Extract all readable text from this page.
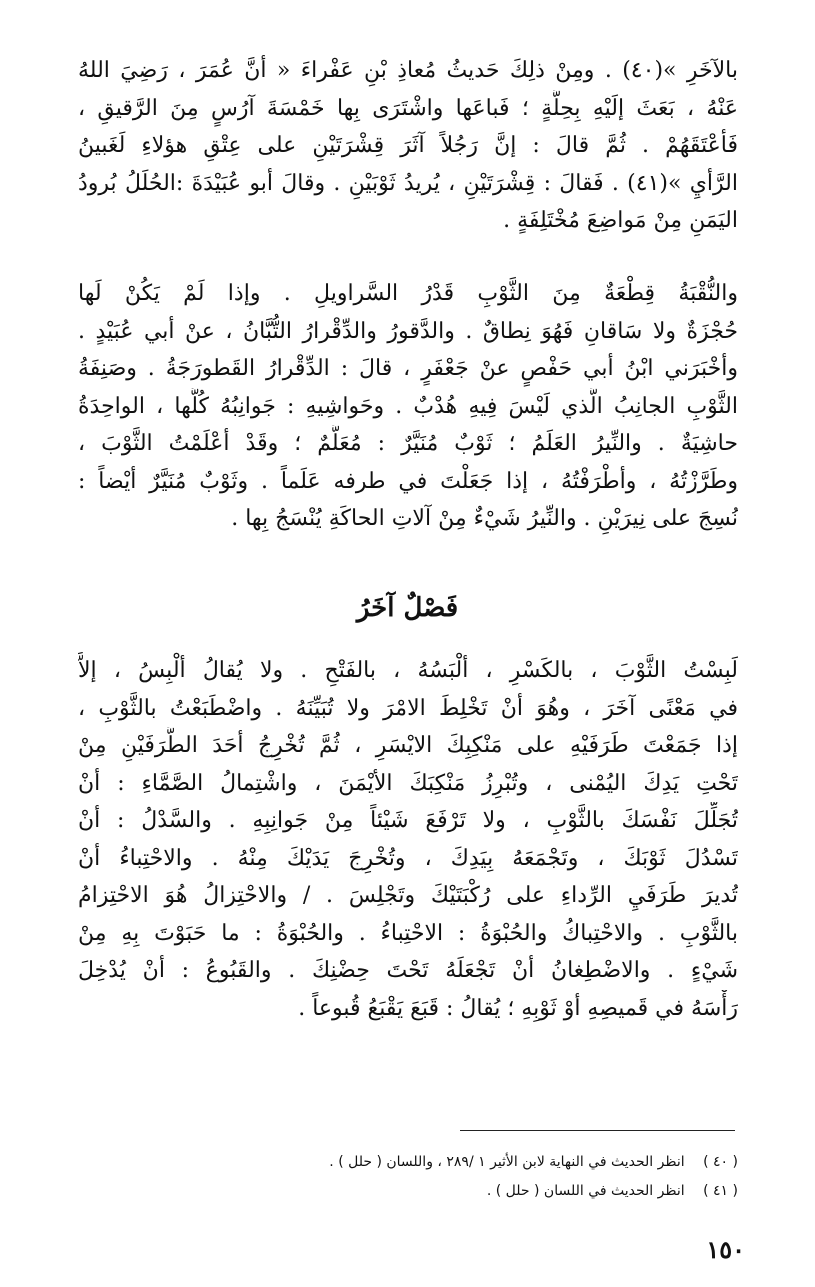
بالآخَرِ »(٤٠) . ومِنْ ذلِكَ حَديثُ مُعاذِ بْنِ عَفْراءَ « أنَّ عُمَرَ ، رَضِيَ اللهُ
عَنْهُ ، بَعَثَ إلَيْهِ بِحِلَّةٍ ؛ فَباعَها واشْتَرَى بِها خَمْسَةَ آرُسٍ مِنَ الرَّقيقِ ،
فَأعْتَقَهُمْ . ثُمَّ قالَ : إنَّ رَجُلاً آثَرَ قِشْرَتَيْنِ على عِتْقِ هؤلاءِ لَغَبينُ
الرَّأيِ »(٤١) . فَقالَ : قِشْرَتَيْنِ ، يُريدُ ثَوْبَيْنِ . وقالَ أبو عُبَيْدَةَ :الحُلَلُ بُرودُ
اليَمَنِ مِنْ مَواضِعَ مُخْتَلِفَةٍ .
والنُّقْبَةُ قِطْعَةٌ مِنَ الثَّوْبِ قَدْرُ السَّراويلِ . وإذا لَمْ يَكُنْ لَها
حُجْزَةٌ ولا سَاقانِ فَهُوَ نِطاقٌ . والدَّقورُ والدِّقْرارُ التُّبَّانُ ، عنْ أبي عُبَيْدٍ .
وأخْبَرَني ابْنُ أبي حَفْصٍ عنْ جَعْفَرٍ ، قالَ : الدِّقْرارُ القَطورَجَةُ . وصَنِفَةُ
الثَّوْبِ الجانِبُ الَّذي لَيْسَ فِيهِ هُدْبٌ . وحَواشِيهِ : جَوانِبُهُ كُلُّها ، الواحِدَةُ
حاشِيَةٌ . والنِّيرُ العَلَمُ ؛ ثَوْبٌ مُنَيَّرٌ : مُعَلَّمٌ ؛ وقَدْ أعْلَمْتُ الثَّوْبَ ،
وطَرَّزْتُهُ ، وأطْرَفْتُهُ ، إذا جَعَلْتَ في طرفه عَلَماً . وثَوْبٌ مُنَيَّرٌ أيْضاً :
نُسِجَ على نِيرَيْنِ . والنِّيرُ شَيْءٌ مِنْ آلاتِ الحاكَةِ يُنْسَجُ بِها .
فَصْلٌ آخَرُ
لَبِسْتُ الثَّوْبَ ، بالكَسْرِ ، ألْبَسُهُ ، بالفَتْحِ . ولا يُقالُ ألْبِسُ ، إلاَّ
في مَعْنًى آخَرَ ، وهُوَ أنْ تَخْلِطَ الامْرَ ولا تُبَيِّنَهُ . واضْطَبَعْتُ بالثَّوْبِ ،
إذا جَمَعْتَ طَرَفَيْهِ على مَنْكِبِكَ الايْسَرِ ، ثُمَّ تُخْرِجُ أحَدَ الطَّرَفَيْنِ مِنْ
تَحْتِ يَدِكَ اليُمْنى ، وتُبْرِزُ مَنْكِبَكَ الأيْمَنَ ، واشْتِمالُ الصَّمَّاءِ : أنْ
تُجَلِّلَ نَفْسَكَ بالثَّوْبِ ، ولا تَرْفَعَ شَيْئاً مِنْ جَوانِبِهِ . والسَّدْلُ : أنْ
تَسْدُلَ ثَوْبَكَ ، وتَجْمَعَهُ بِيَدِكَ ، وتُخْرِجَ يَدَيْكَ مِنْهُ . والاحْتِباءُ أنْ
تُديرَ طَرَفَيِ الرِّداءِ على رُكْبَتَيْكَ وتَجْلِسَ . / والاحْتِزالُ هُوَ الاحْتِزامُ
بالثَّوْبِ . والاحْتِباكُ والحُبْوَةُ : الاحْتِباءُ . والحُبْوَةُ : ما حَبَوْتَ بِهِ مِنْ
شَيْءٍ . والاضْطِغانُ أنْ تَجْعَلَهُ تَحْتَ حِضْنِكَ . والقَبُوعُ : أنْ يُدْخِلَ
رَأْسَهُ في قَميصِهِ أوْ ثَوْبِهِ ؛ يُقالُ : قَبَعَ يَقْبَعُ قُبوعاً .
( ٤٠ ) انظر الحديث في النهاية لابن الأثير ١ /٢٨٩ ، واللسان ( حلل ) .
( ٤١ ) انظر الحديث في اللسان ( حلل ) .
١٥٠
